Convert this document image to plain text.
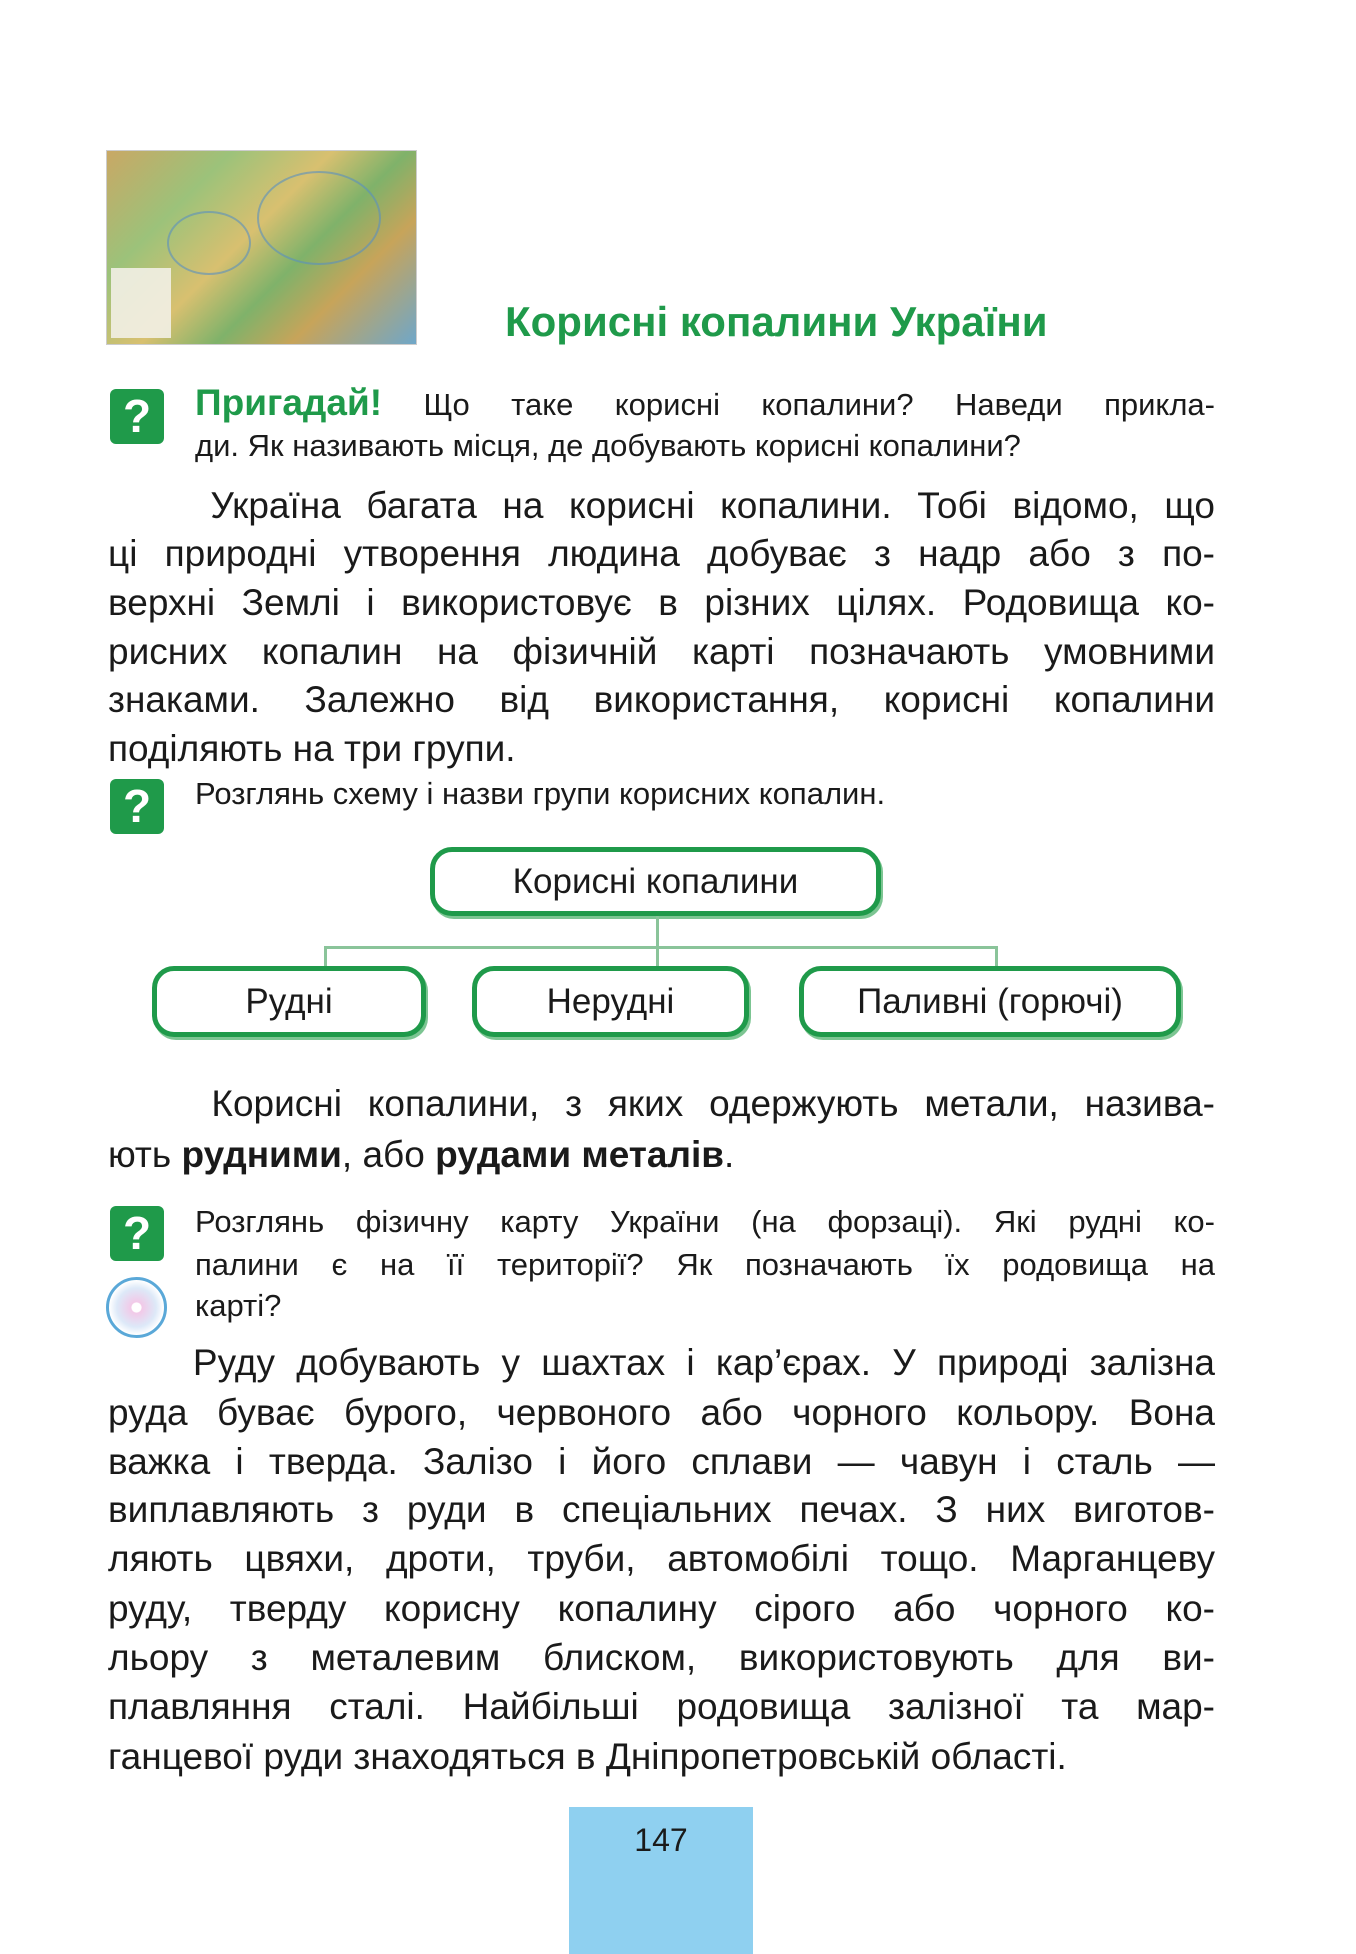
Корисні копалини України
?	Пригадай! Що таке корисні копалини? Наведи прикла-
ди. Як називають місця, де добувають корисні копалини?
Україна багата на корисні копалини. Тобі відомо, що
ці природні утворення людина добуває з надр або з по-
верхні Землі і використовує в різних цілях. Родовища ко-
рисних копалин на фізичній карті позначають умовними
знаками. Залежно від використання, корисні копалини
поділяють на три групи.
?	Розглянь схему і назви групи корисних копалин.
Корисні копалини
Рудні	Нерудні	Паливні (горючі)
Корисні копалини, з яких одержують метали, назива-
ють рудними, або рудами металів.
?	Розглянь фізичну карту України (на форзаці). Які рудні ко-
палини є на її території? Як позначають їх родовища на
карті?
Руду добувають у шахтах і кар’єрах. У природі залізна
руда буває бурого, червоного або чорного кольору. Вона
важка і тверда. Залізо і його сплави — чавун і сталь —
виплавляють з руди в спеціальних печах. З них виготов-
ляють цвяхи, дроти, труби, автомобілі тощо. Марганцеву
руду, тверду корисну копалину сірого або чорного ко-
льору з металевим блиском, використовують для ви-
плавляння сталі. Найбільші родовища залізної та мар-
ганцевої руди знаходяться в Дніпропетровській області.
147
